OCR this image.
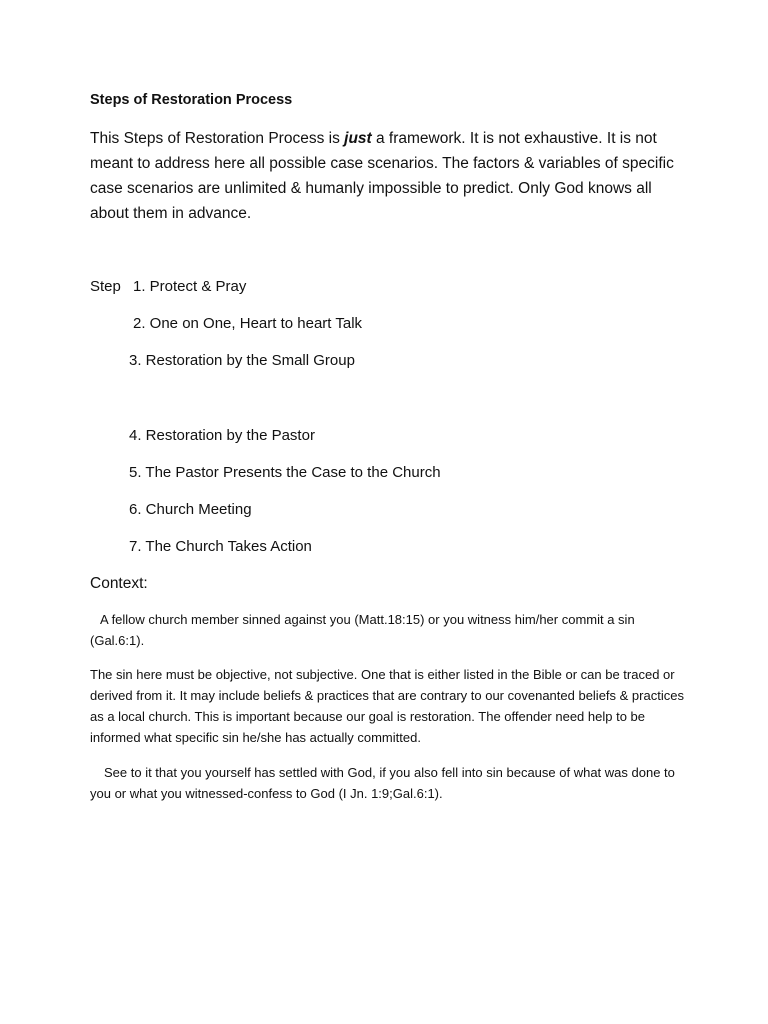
Steps of Restoration Process
This Steps of Restoration Process is just a framework. It is not exhaustive. It is not meant to address here all possible case scenarios. The factors & variables of specific case scenarios are unlimited & humanly impossible to predict. Only God knows all about them in advance.
Step 1. Protect & Pray
2. One on One, Heart to heart Talk
3. Restoration by the Small Group
4. Restoration by the Pastor
5. The Pastor Presents the Case to the Church
6. Church Meeting
7. The Church Takes Action
Context:
A fellow church member sinned against you (Matt.18:15) or you witness him/her commit a sin (Gal.6:1).
The sin here must be objective, not subjective. One that is either listed in the Bible or can be traced or derived from it. It may include beliefs & practices that are contrary to our covenanted beliefs & practices as a local church. This is important because our goal is restoration. The offender need help to be informed what specific sin he/she has actually committed.
See to it that you yourself has settled with God, if you also fell into sin because of what was done to you or what you witnessed-confess to God (I Jn. 1:9;Gal.6:1).
